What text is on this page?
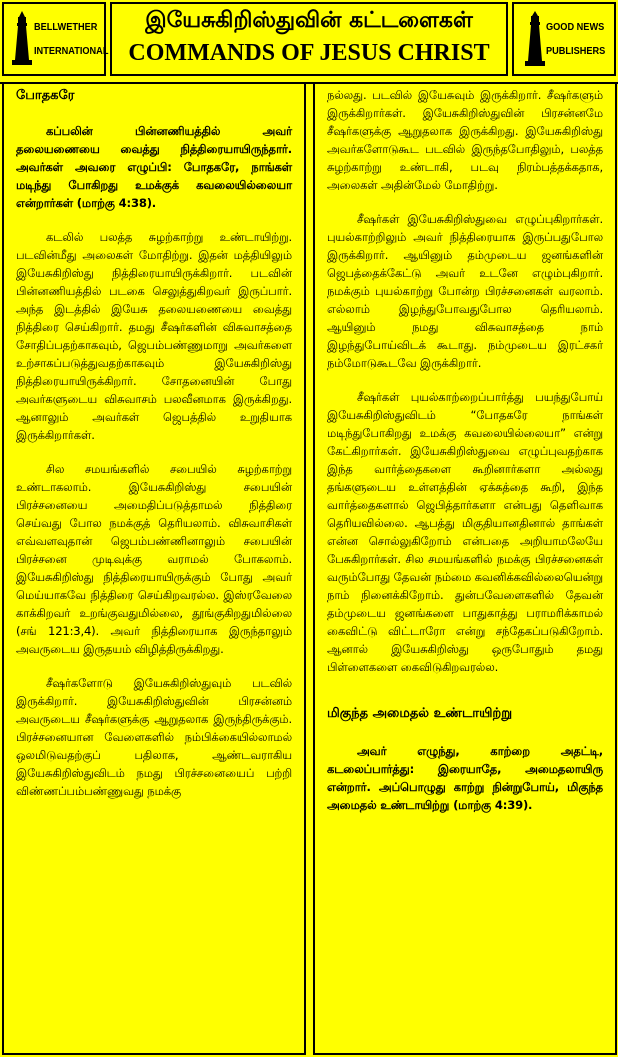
BELLWETHER
INTERNATIONAL
இயேசுகிறிஸ்துவின் கட்டளைகள்
COMMANDS OF JESUS CHRIST
GOOD NEWS
PUBLISHERS
போதகரே

கப்பலின் பின்னணியத்தில் அவர் தலையணையை வைத்து நித்திரையாயிருந்தார். அவர்கள் அவரை எழுப்பி: போதகரே, நாங்கள் மடிந்து போகிறது உமக்குக் கவலையில்லையா என்றார்கள் (மாற்கு 4:38).

கடலில் பலத்த சுழற்காற்று உண்டாயிற்று. படவின்மீது அலைகள் மோதிற்று. இதன் மத்தியிலும் இயேசுகிறிஸ்து நித்திரையாயிருக்கிறார். படவின் பின்னணியத்தில் படகை செலுத்துகிறவர் இருப்பார். அந்த இடத்தில் இயேசு தலையணையை வைத்து நித்திரை செய்கிறார். தமது சீஷர்களின் விசுவாசத்தை சோதிப்பதற்காகவும், ஜெபம்பண்ணுமாறு அவர்களை உற்சாகப்படுத்துவதற்காகவும் இயேசுகிறிஸ்து நித்திரையாயிருக்கிறார். சோதனையின் போது அவர்களுடைய விசுவாசம் பலவீனமாக இருக்கிறது. ஆனாலும் அவர்கள் ஜெபத்தில் உறுதியாக இருக்கிறார்கள்.

சில சமயங்களில் சபையில் சுழற்காற்று உண்டாகலாம். இயேசுகிறிஸ்து சபையின் பிரச்சனையை அமைதிப்படுத்தாமல் நித்திரை செய்வது போல நமக்குத் தெரியலாம். விசுவாசிகள் எவ்வளவுதான் ஜெபம்பண்ணினாலும் சபையின் பிரச்சனை முடிவுக்கு வராமல் போகலாம். இயேசுகிறிஸ்து நித்திரையாயிருக்கும் போது அவர் மெய்யாகவே நித்திரை செய்கிறவரல்ல. இஸ்ரவேலை காக்கிறவர் உறங்குவதுமில்லை, தூங்குகிறதுமில்லை (சங் 121:3,4). அவர் நித்திரையாக இருந்தாலும் அவருடைய இருதயம் விழித்திருக்கிறது.

சீஷர்களோடு இயேசுகிறிஸ்துவும் படவில் இருக்கிறார். இயேசுகிறிஸ்துவின் பிரசன்னம் அவருடைய சீஷர்களுக்கு ஆறுதலாக இருந்திருக்கும். பிரச்சனையான வேளைகளில் நம்பிக்கையில்லாமல் ஒலமிடுவதற்குப் பதிலாக, ஆண்டவராகிய இயேசுகிறிஸ்துவிடம் நமது பிரச்சனையைப் பற்றி விண்ணப்பம்பண்ணுவது நமக்கு

நல்லது. படவில் இயேசுவும் இருக்கிறார். சீஷர்களும் இருக்கிறார்கள். இயேசுகிறிஸ்துவின் பிரசன்னமே சீஷர்களுக்கு ஆறுதலாக இருக்கிறது. இயேசுகிறிஸ்து அவர்களோடுகூட படவில் இருந்தபோதிலும், பலத்த சுழற்காற்று உண்டாகி, படவு நிரம்பத்தக்கதாக, அலைகள் அதின்மேல் மோதிற்று.

சீஷர்கள் இயேசுகிறிஸ்துவை எழுப்புகிறார்கள். புயல்காற்றிலும் அவர் நித்திரையாக இருப்பதுபோல இருக்கிறார். ஆயினும் தம்முடைய ஜனங்களின் ஜெபத்தைக்கேட்டு அவர் உடனே எழும்புகிறார். நமக்கும் புயல்காற்று போன்ற பிரச்சனைகள் வரலாம். எல்லாம் இழந்துபோவதுபோல தெரியலாம். ஆயினும் நமது விசுவாசத்தை நாம் இழந்துபோய்விடக் கூடாது. நம்முடைய இரட்சகர் நம்மோடுகூடவே இருக்கிறார்.

சீஷர்கள் புயல்காற்றைப்பார்த்து பயந்துபோய் இயேசுகிறிஸ்துவிடம் “போதகரே நாங்கள் மடிந்துபோகிறது உமக்கு கவலையில்லையா” என்று கேட்கிறார்கள். இயேசுகிறிஸ்துவை எழுப்புவதற்காக இந்த வார்த்தைகளை கூறினார்களா அல்லது தங்களுடைய உள்ளத்தின் ஏக்கத்தை கூறி, இந்த வார்த்தைகளால் ஜெபித்தார்களா என்பது தெளிவாக தெரியவில்லை. ஆபத்து மிகுதியானதினால் தாங்கள் என்ன சொல்லுகிறோம் என்பதை அறியாமலேயே பேசுகிறார்கள். சில சமயங்களில் நமக்கு பிரச்சனைகள் வரும்போது தேவன் நம்மை கவனிக்கவில்லையென்று நாம் நினைக்கிறோம். துன்பவேளைகளில் தேவன் தம்முடைய ஜனங்களை பாதுகாத்து பராமரிக்காமல் கைவிட்டு விட்டாரோ என்று சந்தேகப்படுகிறோம். ஆனால் இயேசுகிறிஸ்து ஒருபோதும் தமது பிள்ளைகளை கைவிடுகிறவரல்ல.

மிகுந்த அமைதல் உண்டாயிற்று

அவர் எழுந்து, காற்றை அதட்டி, கடலைப்பார்த்து: இரையாதே, அமைதலாயிரு என்றார். அப்பொழுது காற்று நின்றுபோய், மிகுந்த அமைதல் உண்டாயிற்று (மாற்கு 4:39).
